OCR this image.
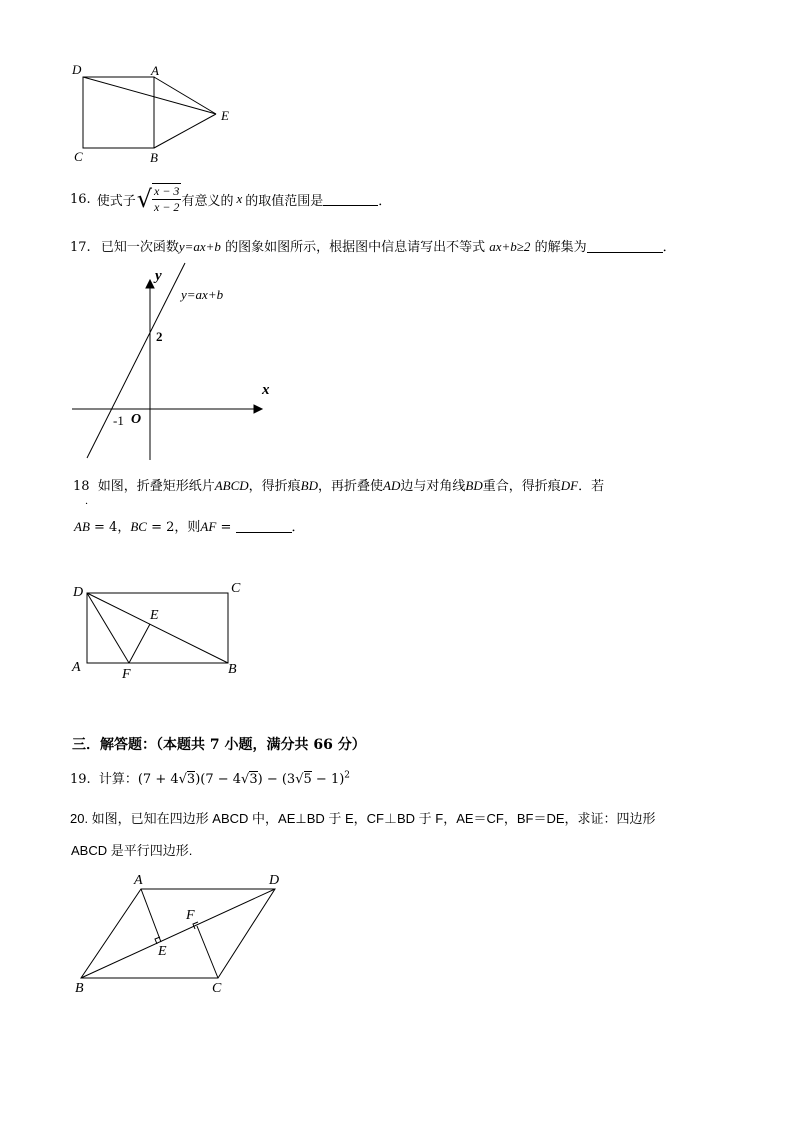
D	A
E
C	B
16. 使式子 √ $\frac{x - 3}{x - 2}$ 有意义的 x 的取值范围是	．
17. 已知一次函数y=ax+b 的图象如图所示，根据图中信息请写出不等式 ax+b≥2 的解集为	．
y
x
y=ax+b
2
-1 O
18 如图，折叠矩形纸片ABCD，得折痕BD，再折叠使AD边与对角线BD重合，得折痕DF．若
．
AB = 4，BC = 2，则AF =	．
D	C
E
A	F	B
三．解答题：（本题共 7 小题，满分共 66 分）
19. 计算：$(7 + 4√3)(7 - 4√3) - (3√5 - 1)^2$
20. 如图，已知在四边形 ABCD 中，AE⊥BD 于 E，CF⊥BD 于 F，AE＝CF，BF＝DE，求证：四边形
ABCD 是平行四边形.
A	D
F
E
B	C
